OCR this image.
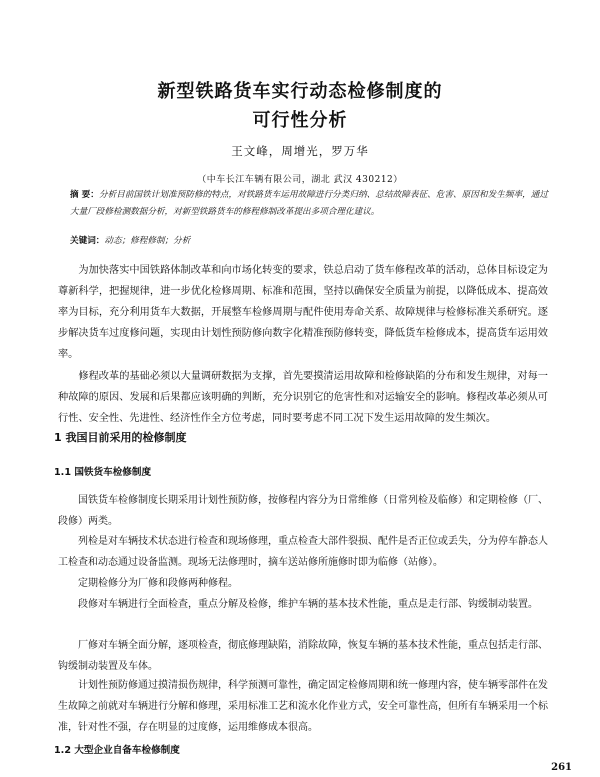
新型铁路货车实行动态检修制度的
可行性分析
王文峰，周增光，罗万华
（中车长江车辆有限公司，湖北 武汉 430212）
摘 要：分析目前国铁计划准预防修的特点，对铁路货车运用故障进行分类归纳、总结故障表征、危害、原因和发生频率，通过大量厂段修检测数据分析，对新型铁路货车的修程修制改革提出多项合理化建议。
关键词：动态；修程修制；分析
为加快落实中国铁路体制改革和向市场化转变的要求，铁总启动了货车修程改革的活动，总体目标设定为尊新科学，把握规律，进一步优化检修周期、标准和范围，坚持以确保安全质量为前提，以降低成本、提高效率为目标，充分利用货车大数据，开展整车检修周期与配件使用寿命关系、故障规律与检修标准关系研究。逐步解决货车过度修问题，实现由计划性预防修向数字化精准预防修转变，降低货车检修成本，提高货车运用效率。
修程改革的基础必须以大量调研数据为支撑，首先要摸清运用故障和检修缺陷的分布和发生规律，对每一种故障的原因、发展和后果都应该明确的判断，充分识别它的危害性和对运输安全的影响。修程改革必须从可行性、安全性、先进性、经济性作全方位考虑，同时要考虑不同工况下发生运用故障的发生频次。
1 我国目前采用的检修制度
1.1 国铁货车检修制度
国铁货车检修制度长期采用计划性预防修，按修程内容分为日常维修（日常列检及临修）和定期检修（厂、段修）两类。
列检是对车辆技术状态进行检查和现场修理，重点检查大部件裂损、配件是否正位或丢失，分为停车静态人工检查和动态通过设备监测。现场无法修理时，摘车送站修所施修时即为临修（站修）。
定期检修分为厂修和段修两种修程。
段修对车辆进行全面检查，重点分解及检修，维护车辆的基本技术性能，重点是走行部、钩缓制动装置。
厂修对车辆全面分解，逐项检查，彻底修理缺陷，消除故障，恢复车辆的基本技术性能，重点包括走行部、钩缓制动装置及车体。
计划性预防修通过摸清损伤规律，科学预测可靠性，确定固定检修周期和统一修理内容，使车辆零部件在发生故障之前就对车辆进行分解和修理，采用标准工艺和流水化作业方式，安全可靠性高，但所有车辆采用一个标准，针对性不强，存在明显的过度修，运用维修成本很高。
1.2 大型企业自备车检修制度
261
